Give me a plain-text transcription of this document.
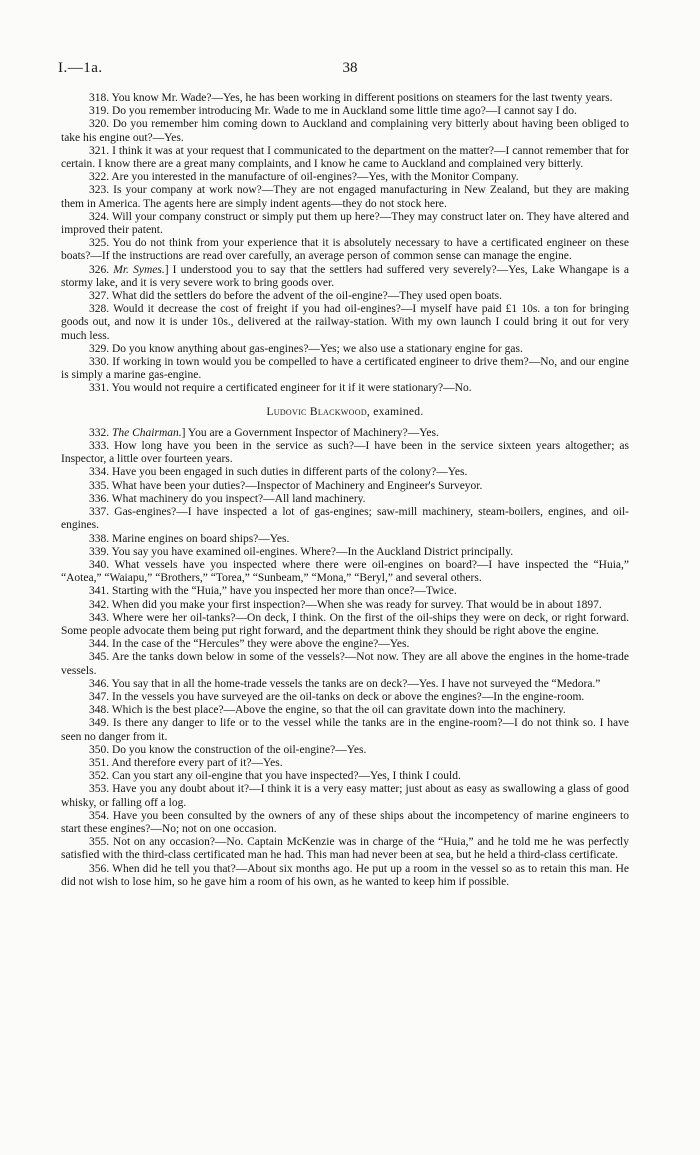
I.—1a.	38

318. You know Mr. Wade?—Yes, he has been working in different positions on steamers for the last twenty years.

319. Do you remember introducing Mr. Wade to me in Auckland some little time ago?—I cannot say I do.

320. Do you remember him coming down to Auckland and complaining very bitterly about having been obliged to take his engine out?—Yes.

321. I think it was at your request that I communicated to the department on the matter?—I cannot remember that for certain. I know there are a great many complaints, and I know he came to Auckland and complained very bitterly.

322. Are you interested in the manufacture of oil-engines?—Yes, with the Monitor Company.

323. Is your company at work now?—They are not engaged manufacturing in New Zealand, but they are making them in America. The agents here are simply indent agents—they do not stock here.

324. Will your company construct or simply put them up here?—They may construct later on. They have altered and improved their patent.

325. You do not think from your experience that it is absolutely necessary to have a certificated engineer on these boats?—If the instructions are read over carefully, an average person of common sense can manage the engine.

326. Mr. Symes.] I understood you to say that the settlers had suffered very severely?—Yes, Lake Whangape is a stormy lake, and it is very severe work to bring goods over.

327. What did the settlers do before the advent of the oil-engine?—They used open boats.

328. Would it decrease the cost of freight if you had oil-engines?—I myself have paid £1 10s. a ton for bringing goods out, and now it is under 10s., delivered at the railway-station. With my own launch I could bring it out for very much less.

329. Do you know anything about gas-engines?—Yes; we also use a stationary engine for gas.

330. If working in town would you be compelled to have a certificated engineer to drive them?—No, and our engine is simply a marine gas-engine.

331. You would not require a certificated engineer for it if it were stationary?—No.

Ludovic Blackwood, examined.

332. The Chairman.] You are a Government Inspector of Machinery?—Yes.

333. How long have you been in the service as such?—I have been in the service sixteen years altogether; as Inspector, a little over fourteen years.

334. Have you been engaged in such duties in different parts of the colony?—Yes.

335. What have been your duties?—Inspector of Machinery and Engineer's Surveyor.

336. What machinery do you inspect?—All land machinery.

337. Gas-engines?—I have inspected a lot of gas-engines; saw-mill machinery, steam-boilers, engines, and oil-engines.

338. Marine engines on board ships?—Yes.

339. You say you have examined oil-engines. Where?—In the Auckland District principally.

340. What vessels have you inspected where there were oil-engines on board?—I have inspected the “Huia,” “Aotea,” “Waiapu,” “Brothers,” “Torea,” “Sunbeam,” “Mona,” “Beryl,” and several others.

341. Starting with the “Huia,” have you inspected her more than once?—Twice.

342. When did you make your first inspection?—When she was ready for survey. That would be in about 1897.

343. Where were her oil-tanks?—On deck, I think. On the first of the oil-ships they were on deck, or right forward. Some people advocate them being put right forward, and the department think they should be right above the engine.

344. In the case of the “Hercules” they were above the engine?—Yes.

345. Are the tanks down below in some of the vessels?—Not now. They are all above the engines in the home-trade vessels.

346. You say that in all the home-trade vessels the tanks are on deck?—Yes. I have not surveyed the “Medora.”

347. In the vessels you have surveyed are the oil-tanks on deck or above the engines?—In the engine-room.

348. Which is the best place?—Above the engine, so that the oil can gravitate down into the machinery.

349. Is there any danger to life or to the vessel while the tanks are in the engine-room?—I do not think so. I have seen no danger from it.

350. Do you know the construction of the oil-engine?—Yes.

351. And therefore every part of it?—Yes.

352. Can you start any oil-engine that you have inspected?—Yes, I think I could.

353. Have you any doubt about it?—I think it is a very easy matter; just about as easy as swallowing a glass of good whisky, or falling off a log.

354. Have you been consulted by the owners of any of these ships about the incompetency of marine engineers to start these engines?—No; not on one occasion.

355. Not on any occasion?—No. Captain McKenzie was in charge of the “Huia,” and he told me he was perfectly satisfied with the third-class certificated man he had. This man had never been at sea, but he held a third-class certificate.

356. When did he tell you that?—About six months ago. He put up a room in the vessel so as to retain this man. He did not wish to lose him, so he gave him a room of his own, as he wanted to keep him if possible.
